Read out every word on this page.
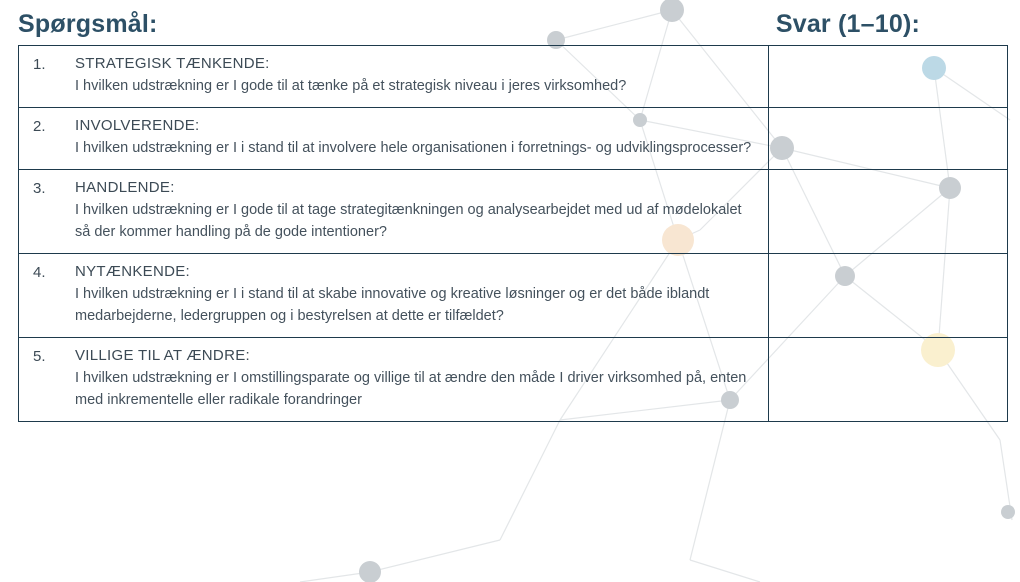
Spørgsmål:	Svar (1–10):
1.	STRATEGISK TÆNKENDE:
I hvilken udstrækning er I gode til at tænke på et strategisk niveau i jeres virksomhed?
2.	INVOLVERENDE:
I hvilken udstrækning er I i stand til at involvere hele organisationen i forretnings- og udviklingsprocesser?
3.	HANDLENDE:
I hvilken udstrækning er I gode til at tage strategitænkningen og analysearbejdet med ud af mødelokalet så der kommer handling på de gode intentioner?
4.	NYTÆNKENDE:
I hvilken udstrækning er I i stand til at skabe innovative og kreative løsninger og er det både iblandt medarbejderne, ledergruppen og i bestyrelsen at dette er tilfældet?
5.	VILLIGE TIL AT ÆNDRE:
I hvilken udstrækning er I omstillingsparate og villige til at ændre den måde I driver virksomhed på, enten med inkrementelle eller radikale forandringer
